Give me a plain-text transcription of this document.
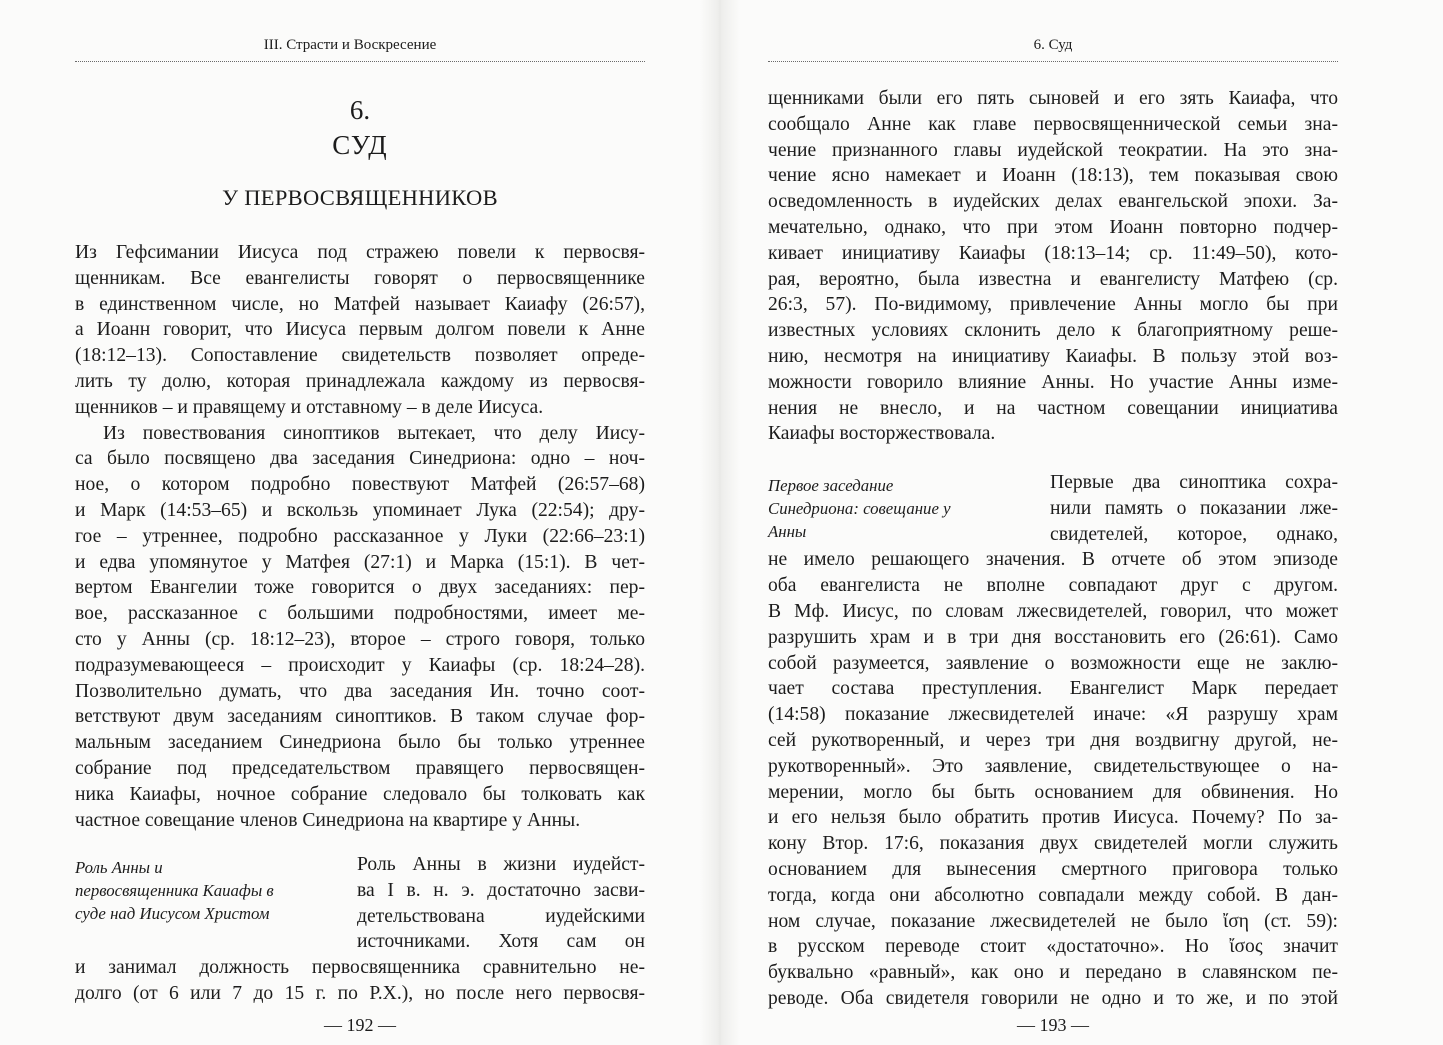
III. Страсти и Воскресение
6.
СУД
У ПЕРВОСВЯЩЕННИКОВ

Из Гефсимании Иисуса под стражею повели к первосвя-

щенникам. Все евангелисты говорят о первосвященнике

в единственном числе, но Матфей называет Каиафу (26:57),

а Иоанн говорит, что Иисуса первым долгом повели к Анне

(18:12–13). Сопоставление свидетельств позволяет опреде-

лить ту долю, которая принадлежала каждому из первосвя-

щенников – и правящему и отставному – в деле Иисуса.

Из повествования синоптиков вытекает, что делу Иису-

са было посвящено два заседания Синедриона: одно – ноч-

ное, о котором подробно повествуют Матфей (26:57–68)

и Марк (14:53–65) и вскользь упоминает Лука (22:54); дру-

гое – утреннее, подробно рассказанное у Луки (22:66–23:1)

и едва упомянутое у Матфея (27:1) и Марка (15:1). В чет-

вертом Евангелии тоже говорится о двух заседаниях: пер-

вое, рассказанное с большими подробностями, имеет ме-

сто у Анны (ср. 18:12–23), второе – строго говоря, только

подразумевающееся – происходит у Каиафы (ср. 18:24–28).

Позволительно думать, что два заседания Ин. точно соот-

ветствуют двум заседаниям синоптиков. В таком случае фор-

мальным заседанием Синедриона было бы только утреннее

собрание под председательством правящего первосвящен-

ника Каиафы, ночное собрание следовало бы толковать как

частное совещание членов Синедриона на квартире у Анны.

Роль Анны и первосвященника Каиафы в суде над Иисусом Христом

Роль Анны в жизни иудейст-

ва I в. н. э. достаточно засви-

детельствована иудейскими

источниками. Хотя сам он

и занимал должность первосвященника сравнительно не-

долго (от 6 или 7 до 15 г. по Р.Х.), но после него первосвя-

— 192 —
6. Суд

щенниками были его пять сыновей и его зять Каиафа, что

сообщало Анне как главе первосвященнической семьи зна-

чение признанного главы иудейской теократии. На это зна-

чение ясно намекает и Иоанн (18:13), тем показывая свою

осведомленность в иудейских делах евангельской эпохи. За-

мечательно, однако, что при этом Иоанн повторно подчер-

кивает инициативу Каиафы (18:13–14; ср. 11:49–50), кото-

рая, вероятно, была известна и евангелисту Матфею (ср.

26:3, 57). По-видимому, привлечение Анны могло бы при

известных условиях склонить дело к благоприятному реше-

нию, несмотря на инициативу Каиафы. В пользу этой воз-

можности говорило влияние Анны. Но участие Анны изме-

нения не внесло, и на частном совещании инициатива

Каиафы восторжествовала.

Первое заседание Синедриона: совещание у Анны

Первые два синоптика сохра-

нили память о показании лже-

свидетелей, которое, однако,

не имело решающего значения. В отчете об этом эпизоде

оба евангелиста не вполне совпадают друг с другом.

В Мф. Иисус, по словам лжесвидетелей, говорил, что может

разрушить храм и в три дня восстановить его (26:61). Само

собой разумеется, заявление о возможности еще не заклю-

чает состава преступления. Евангелист Марк передает

(14:58) показание лжесвидетелей иначе: «Я разрушу храм

сей рукотворенный, и через три дня воздвигну другой, не-

рукотворенный». Это заявление, свидетельствующее о на-

мерении, могло бы быть основанием для обвинения. Но

и его нельзя было обратить против Иисуса. Почему? По за-

кону Втор. 17:6, показания двух свидетелей могли служить

основанием для вынесения смертного приговора только

тогда, когда они абсолютно совпадали между собой. В дан-

ном случае, показание лжесвидетелей не было ἴση (ст. 59):

в русском переводе стоит «достаточно». Но ἴσος значит

буквально «равный», как оно и передано в славянском пе-

реводе. Оба свидетеля говорили не одно и то же, и по этой

— 193 —
